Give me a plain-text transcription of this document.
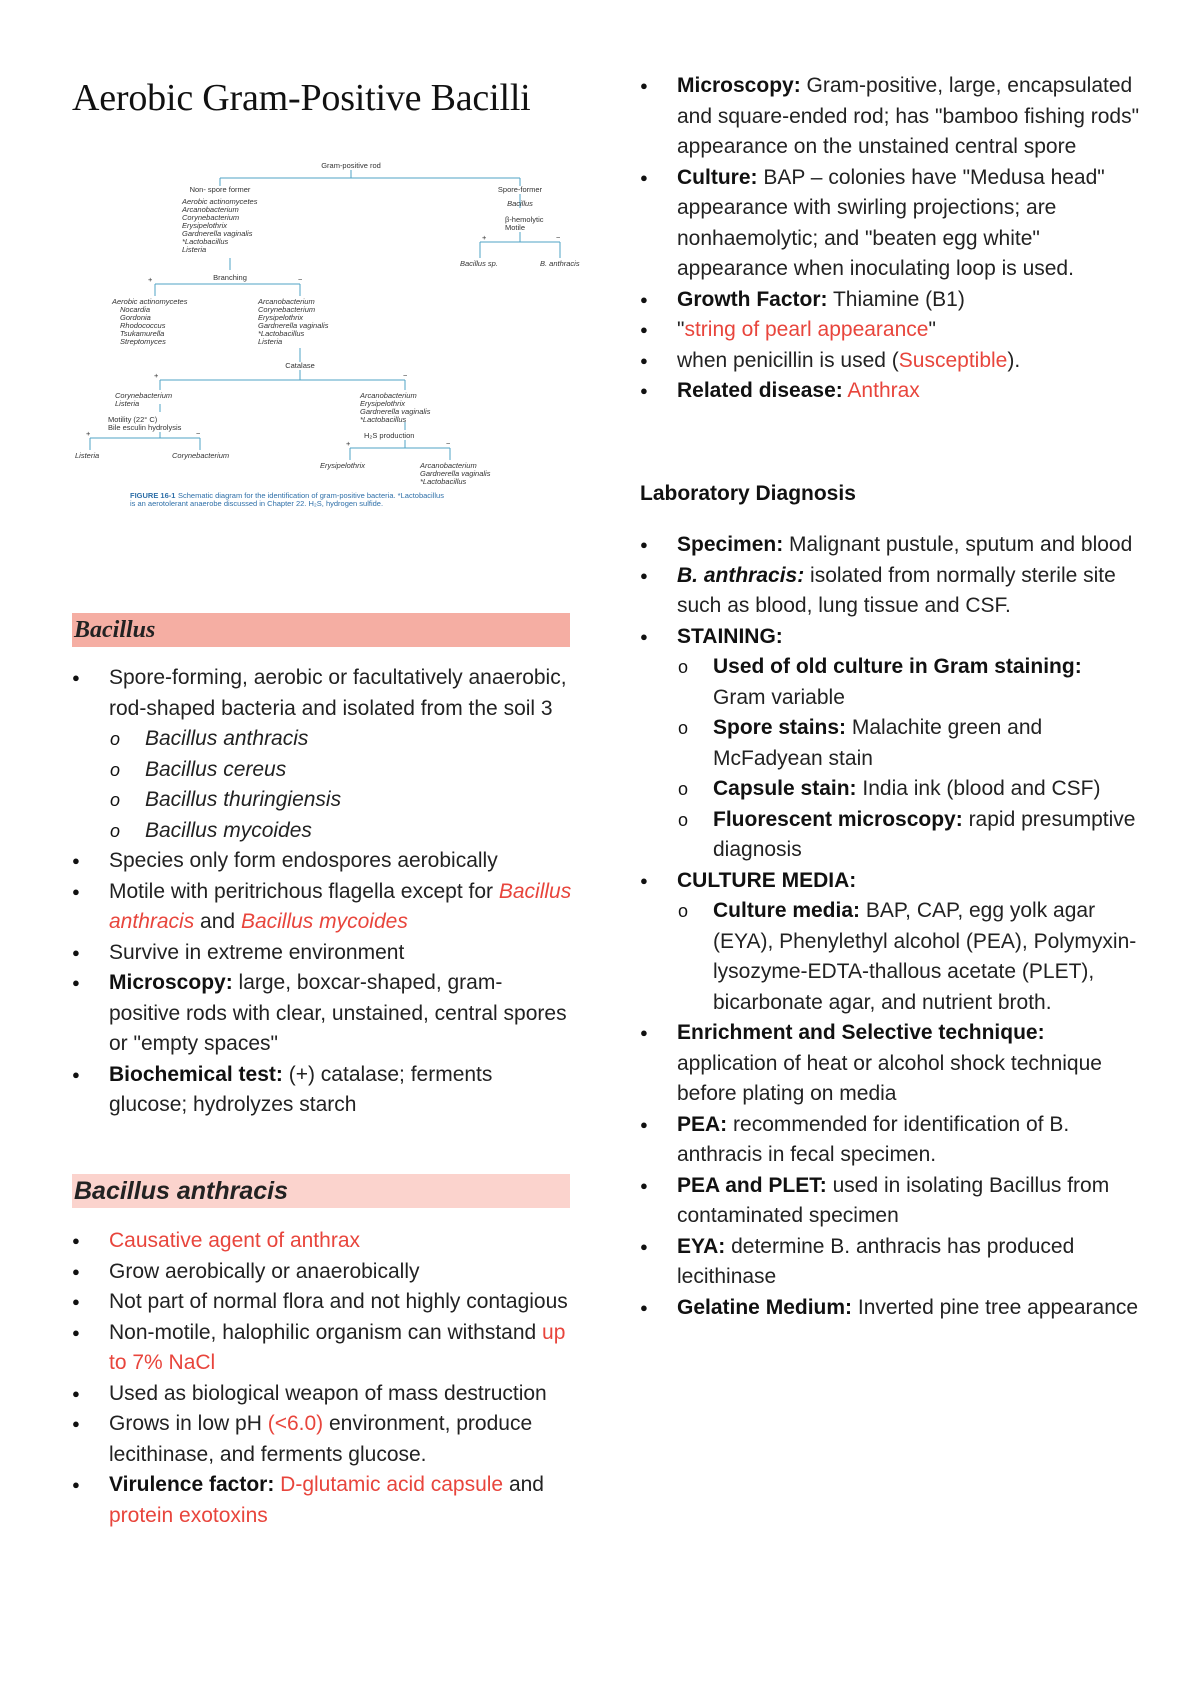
Aerobic Gram-Positive Bacilli
Gram-positive rod
Non- spore former	Spore-former
Aerobic actinomycetes
Arcanobacterium
Corynebacterium
Erysipelothrix
Gardnerella vaginalis
*Lactobacillus
Listeria
Bacillus
β-hemolytic
Motile
+	−
Bacillus sp.	B. anthracis
Branching
+	−
Aerobic actinomycetes
Nocardia
Gordonia
Rhodococcus
Tsukamurella
Streptomyces
Arcanobacterium
Corynebacterium
Erysipelothrix
Gardnerella vaginalis
*Lactobacillus
Listeria
Catalase
+	−
Corynebacterium
Listeria
Arcanobacterium
Erysipelothrix
Gardnerella vaginalis
*Lactobacillus
Motility (22° C)
Bile esculin hydrolysis
+	−	H₂S production
+	−
Listeria	Corynebacterium
Erysipelothrix	Arcanobacterium
Gardnerella vaginalis
*Lactobacillus
FIGURE 16-1 Schematic diagram for the identification of gram-positive bacteria. *Lactobacillus
is an aerotolerant anaerobe discussed in Chapter 22. H₂S, hydrogen sulfide.
Bacillus
● Spore-forming, aerobic or facultatively anaerobic, rod-shaped bacteria and isolated from the soil 3
o Bacillus anthracis
o Bacillus cereus
o Bacillus thuringiensis
o Bacillus mycoides
● Species only form endospores aerobically
● Motile with peritrichous flagella except for Bacillus anthracis and Bacillus mycoides
● Survive in extreme environment
● Microscopy: large, boxcar-shaped, gram-positive rods with clear, unstained, central spores or "empty spaces"
● Biochemical test: (+) catalase; ferments glucose; hydrolyzes starch
Bacillus anthracis
● Causative agent of anthrax
● Grow aerobically or anaerobically
● Not part of normal flora and not highly contagious
● Non-motile, halophilic organism can withstand up to 7% NaCl
● Used as biological weapon of mass destruction
● Grows in low pH (<6.0) environment, produce lecithinase, and ferments glucose.
● Virulence factor: D-glutamic acid capsule and protein exotoxins
● Microscopy: Gram-positive, large, encapsulated and square-ended rod; has "bamboo fishing rods" appearance on the unstained central spore
● Culture: BAP – colonies have "Medusa head" appearance with swirling projections; are nonhaemolytic; and "beaten egg white" appearance when inoculating loop is used.
● Growth Factor: Thiamine (B1)
● "string of pearl appearance"
● when penicillin is used (Susceptible).
● Related disease: Anthrax
Laboratory Diagnosis
● Specimen: Malignant pustule, sputum and blood
● B. anthracis: isolated from normally sterile site such as blood, lung tissue and CSF.
● STAINING:
o Used of old culture in Gram staining: Gram variable
o Spore stains: Malachite green and McFadyean stain
o Capsule stain: India ink (blood and CSF)
o Fluorescent microscopy: rapid presumptive diagnosis
● CULTURE MEDIA:
o Culture media: BAP, CAP, egg yolk agar (EYA), Phenylethyl alcohol (PEA), Polymyxin-lysozyme-EDTA-thallous acetate (PLET), bicarbonate agar, and nutrient broth.
● Enrichment and Selective technique: application of heat or alcohol shock technique before plating on media
● PEA: recommended for identification of B. anthracis in fecal specimen.
● PEA and PLET: used in isolating Bacillus from contaminated specimen
● EYA: determine B. anthracis has produced lecithinase
● Gelatine Medium: Inverted pine tree appearance
